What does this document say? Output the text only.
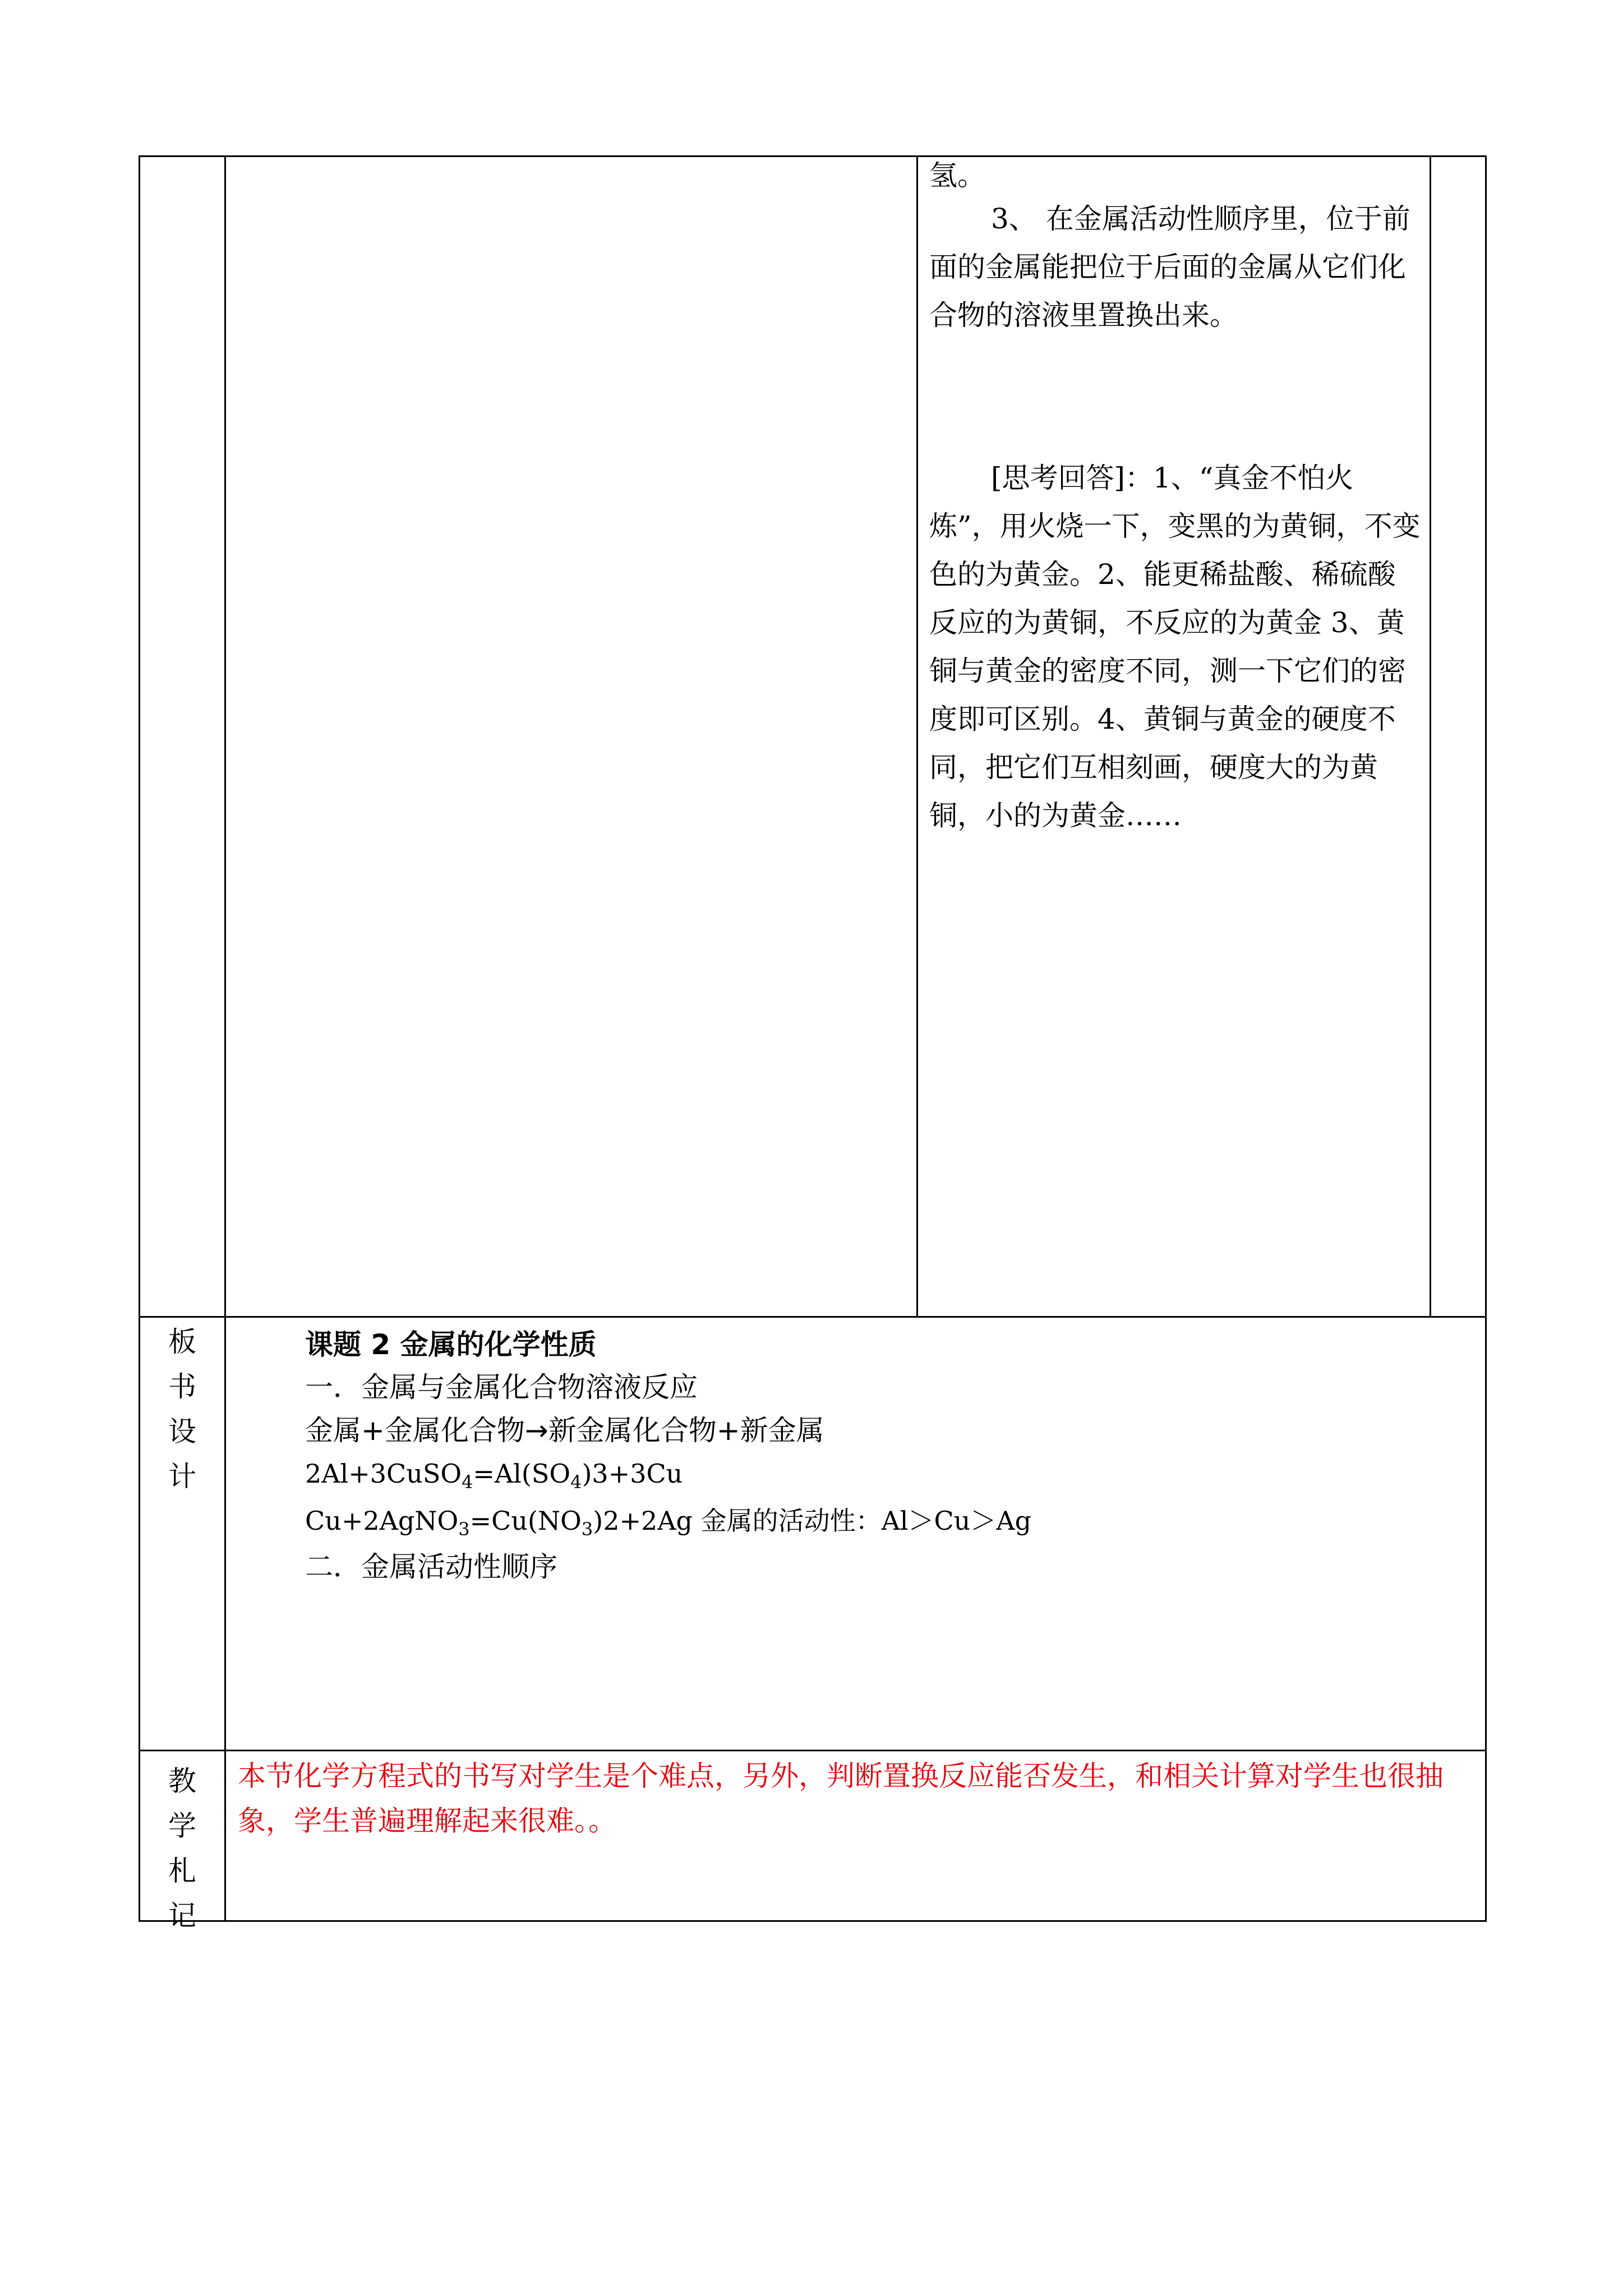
氢。
3、 在金属活动性顺序里，位于前面的金属能把位于后面的金属从它们化合物的溶液里置换出来。
[思考回答]：1、“真金不怕火炼”，用火烧一下，变黑的为黄铜，不变色的为黄金。2、能更稀盐酸、稀硫酸反应的为黄铜，不反应的为黄金 3、黄铜与黄金的密度不同，测一下它们的密度即可区别。4、黄铜与黄金的硬度不同，把它们互相刻画，硬度大的为黄铜，小的为黄金……
板
书
设
计
课题 2 金属的化学性质
一．金属与金属化合物溶液反应
金属+金属化合物→新金属化合物+新金属
$2Al+3CuSO_4=Al(SO_4)3+3Cu$
$Cu+2AgNO_3=Cu(NO_3)2+2Ag$ 金属的活动性：Al＞Cu＞Ag
二．金属活动性顺序
教
学
札
记
本节化学方程式的书写对学生是个难点，另外，判断置换反应能否发生，和相关计算对学生也很抽象，学生普遍理解起来很难。。
